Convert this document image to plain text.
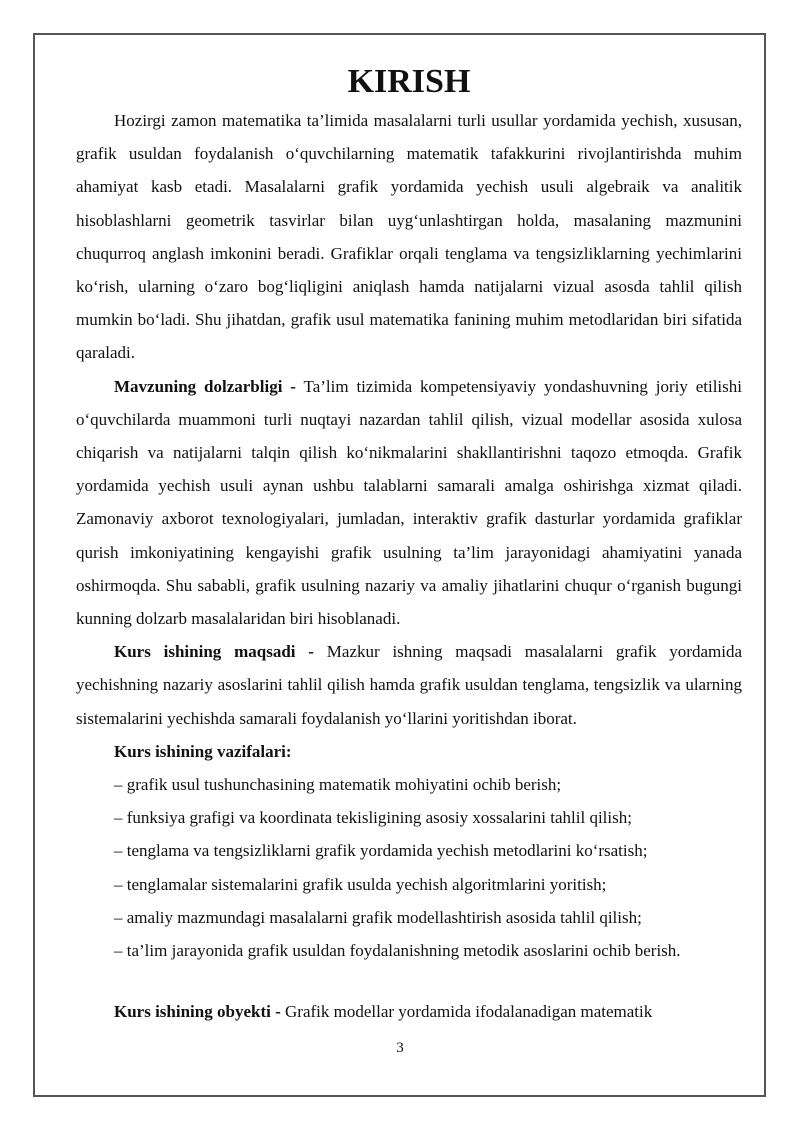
KIRISH

Hozirgi zamon matematika ta’limida masalalarni turli usullar yordamida yechish, xususan, grafik usuldan foydalanish o‘quvchilarning matematik tafakkurini rivojlantirishda muhim ahamiyat kasb etadi. Masalalarni grafik yordamida yechish usuli algebraik va analitik hisoblashlarni geometrik tasvirlar bilan uyg‘unlashtirgan holda, masalaning mazmunini chuqurroq anglash imkonini beradi. Grafiklar orqali tenglama va tengsizliklarning yechimlarini ko‘rish, ularning o‘zaro bog‘liqligini aniqlash hamda natijalarni vizual asosda tahlil qilish mumkin bo‘ladi. Shu jihatdan, grafik usul matematika fanining muhim metodlaridan biri sifatida qaraladi.

Mavzuning dolzarbligi - Ta’lim tizimida kompetensiyaviy yondashuvning joriy etilishi o‘quvchilarda muammoni turli nuqtayi nazardan tahlil qilish, vizual modellar asosida xulosa chiqarish va natijalarni talqin qilish ko‘nikmalarini shakllantirishni taqozo etmoqda. Grafik yordamida yechish usuli aynan ushbu talablarni samarali amalga oshirishga xizmat qiladi. Zamonaviy axborot texnologiyalari, jumladan, interaktiv grafik dasturlar yordamida grafiklar qurish imkoniyatining kengayishi grafik usulning ta’lim jarayonidagi ahamiyatini yanada oshirmoqda. Shu sababli, grafik usulning nazariy va amaliy jihatlarini chuqur o‘rganish bugungi kunning dolzarb masalalaridan biri hisoblanadi.

Kurs ishining maqsadi - Mazkur ishning maqsadi masalalarni grafik yordamida yechishning nazariy asoslarini tahlil qilish hamda grafik usuldan tenglama, tengsizlik va ularning sistemalarini yechishda samarali foydalanish yo‘llarini yoritishdan iborat.

Kurs ishining vazifalari:

– grafik usul tushunchasining matematik mohiyatini ochib berish;
– funksiya grafigi va koordinata tekisligining asosiy xossalarini tahlil qilish;
– tenglama va tengsizliklarni grafik yordamida yechish metodlarini ko‘rsatish;
– tenglamalar sistemalarini grafik usulda yechish algoritmlarini yoritish;
– amaliy mazmundagi masalalarni grafik modellashtirish asosida tahlil qilish;
– ta’lim jarayonida grafik usuldan foydalanishning metodik asoslarini ochib berish.

Kurs ishining obyekti - Grafik modellar yordamida ifodalanadigan matematik

3
